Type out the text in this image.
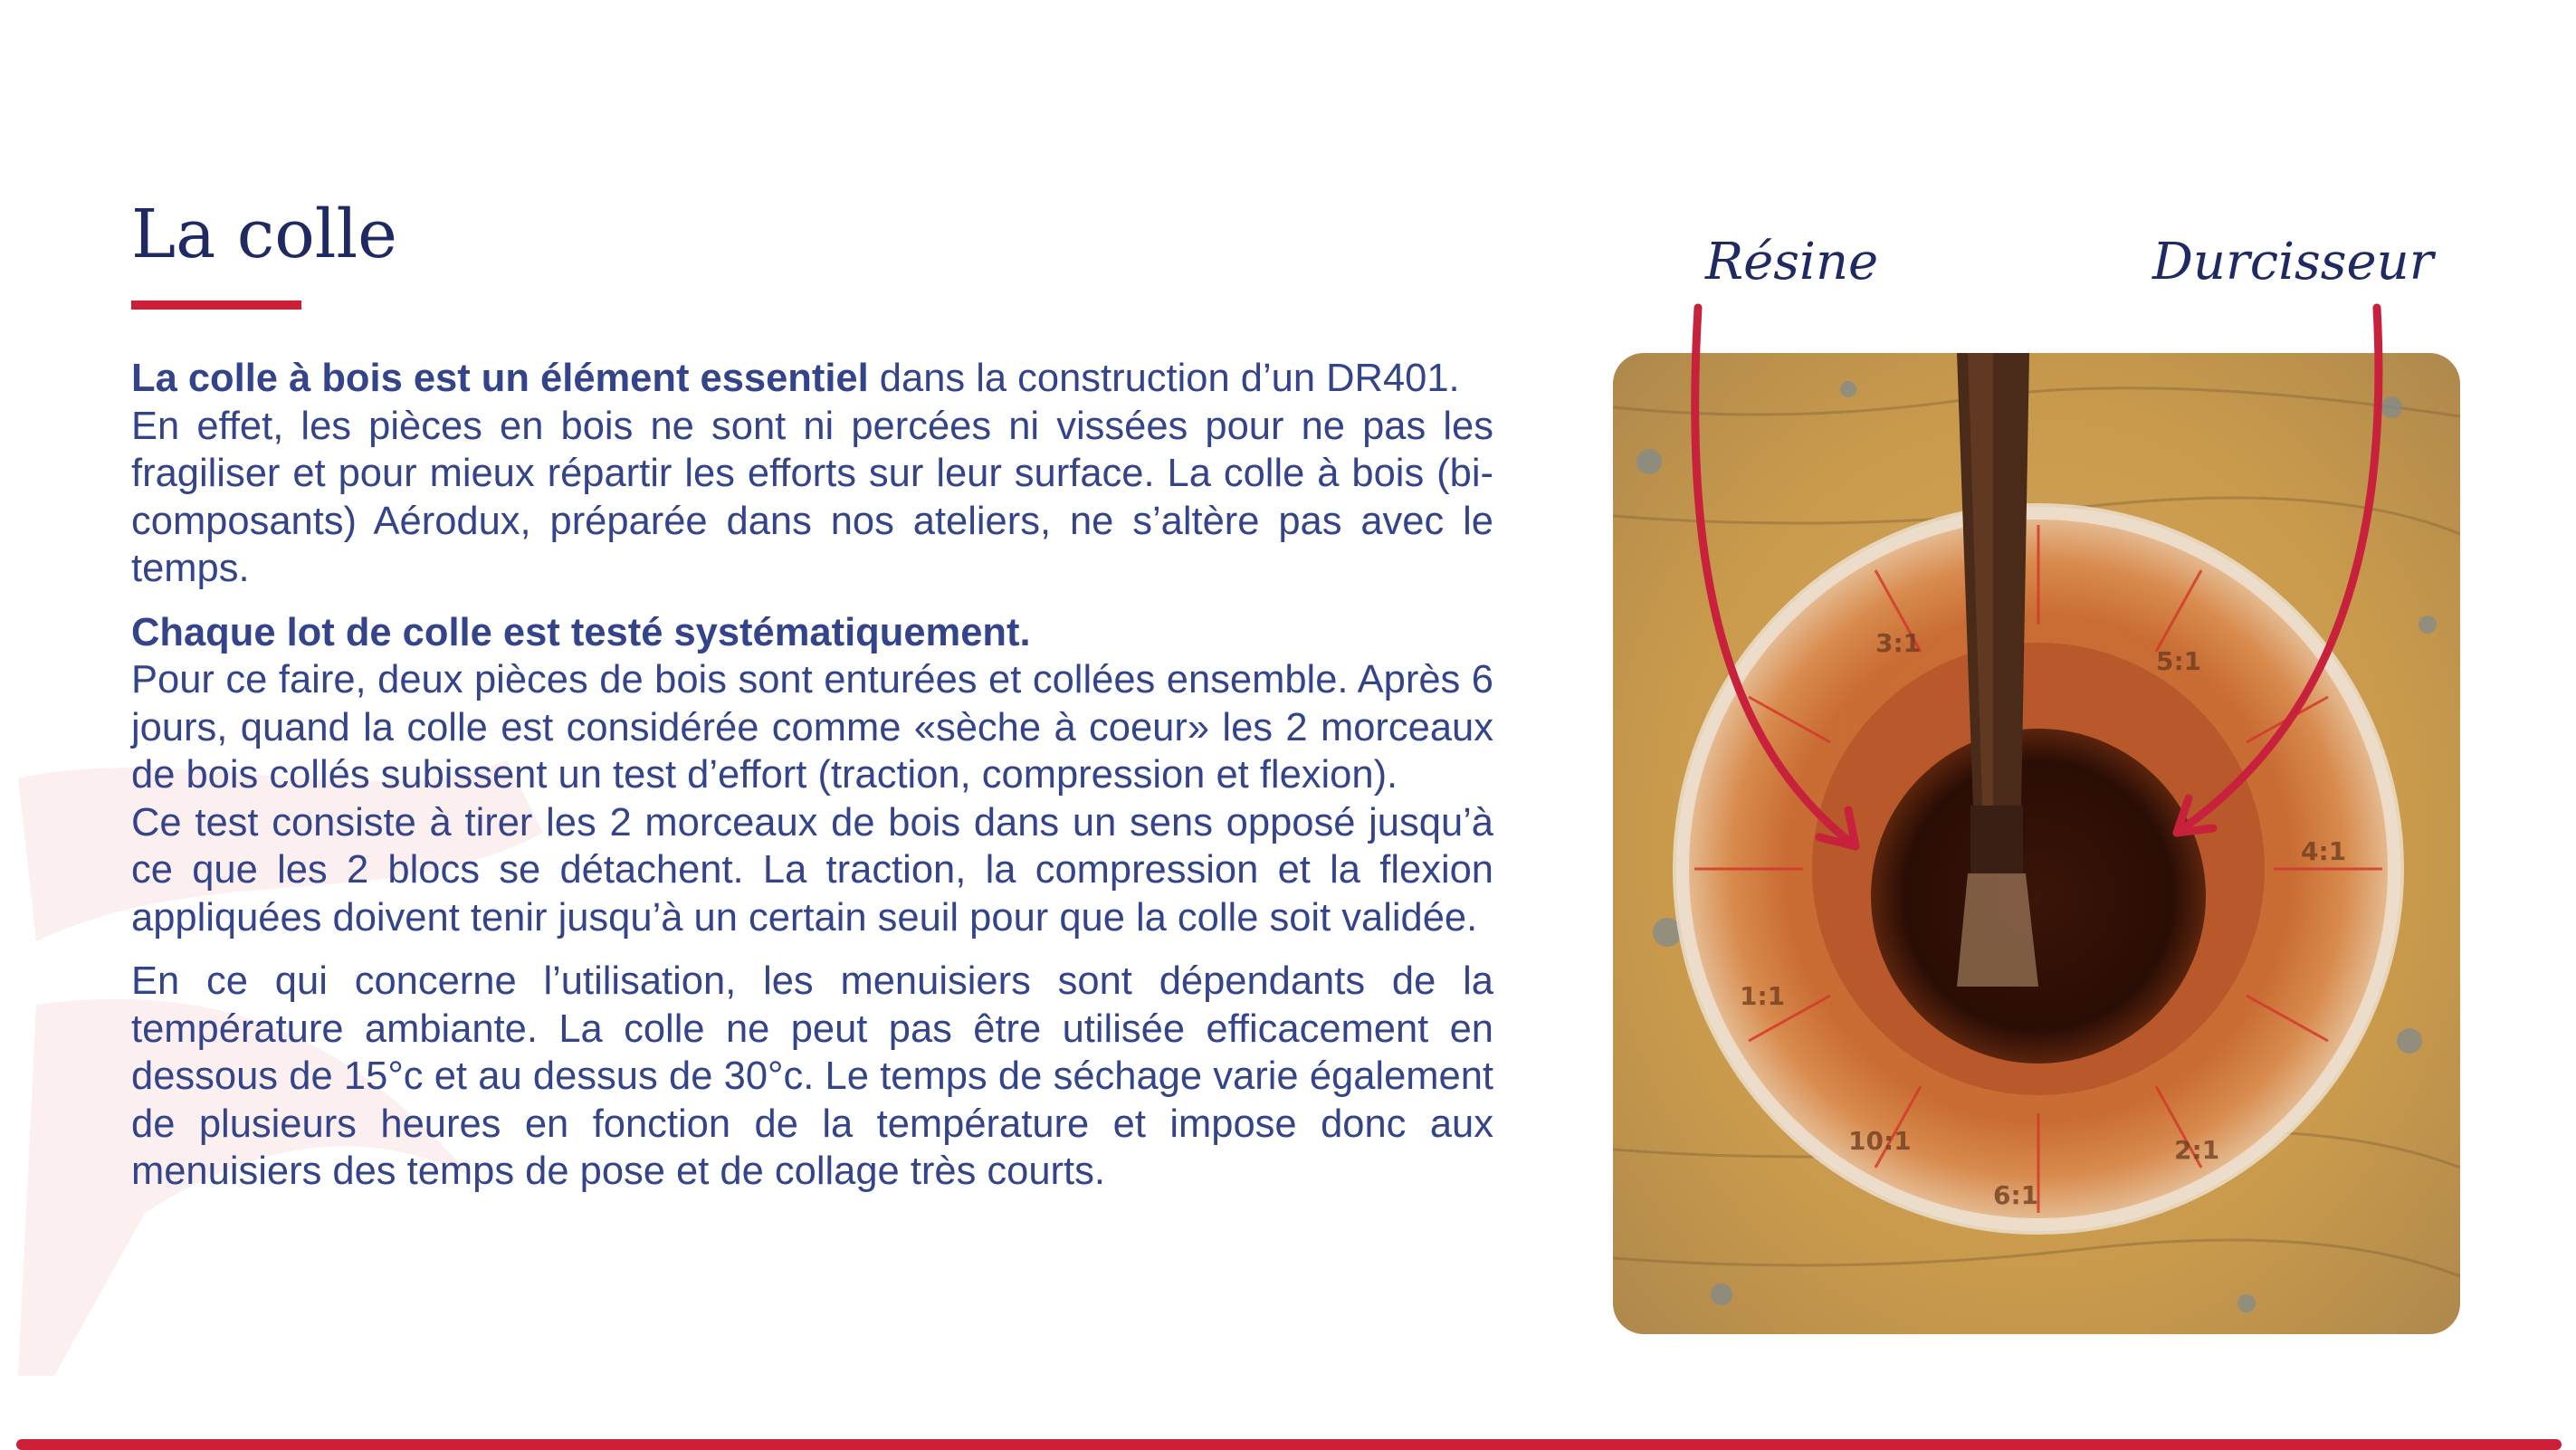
La colle

La colle à bois est un élément essentiel dans la construction d’un DR401.
En effet, les pièces en bois ne sont ni percées ni vissées pour ne pas les fragiliser et pour mieux répartir les efforts sur leur surface. La colle à bois (bi-composants) Aérodux, préparée dans nos ateliers, ne s’altère pas avec le temps.

Chaque lot de colle est testé systématiquement.
Pour ce faire, deux pièces de bois sont enturées et collées ensemble. Après 6 jours, quand la colle est considérée comme «sèche à coeur» les 2 morceaux de bois collés subissent un test d’effort (traction, compression et flexion).
Ce test consiste à tirer les 2 morceaux de bois dans un sens opposé jusqu’à ce que les 2 blocs se détachent. La traction, la compression et la flexion appliquées doivent tenir jusqu’à un certain seuil pour que la colle soit validée.

En ce qui concerne l’utilisation, les menuisiers sont dépendants de la température ambiante. La colle ne peut pas être utilisée efficacement en dessous de 15°c et au dessus de 30°c. Le temps de séchage varie également de plusieurs heures en fonction de la température et impose donc aux menuisiers des temps de pose et de collage très courts.

Résine	Durcisseur
3:1
5:1
4:1
1:1
10:1
6:1
2:1
